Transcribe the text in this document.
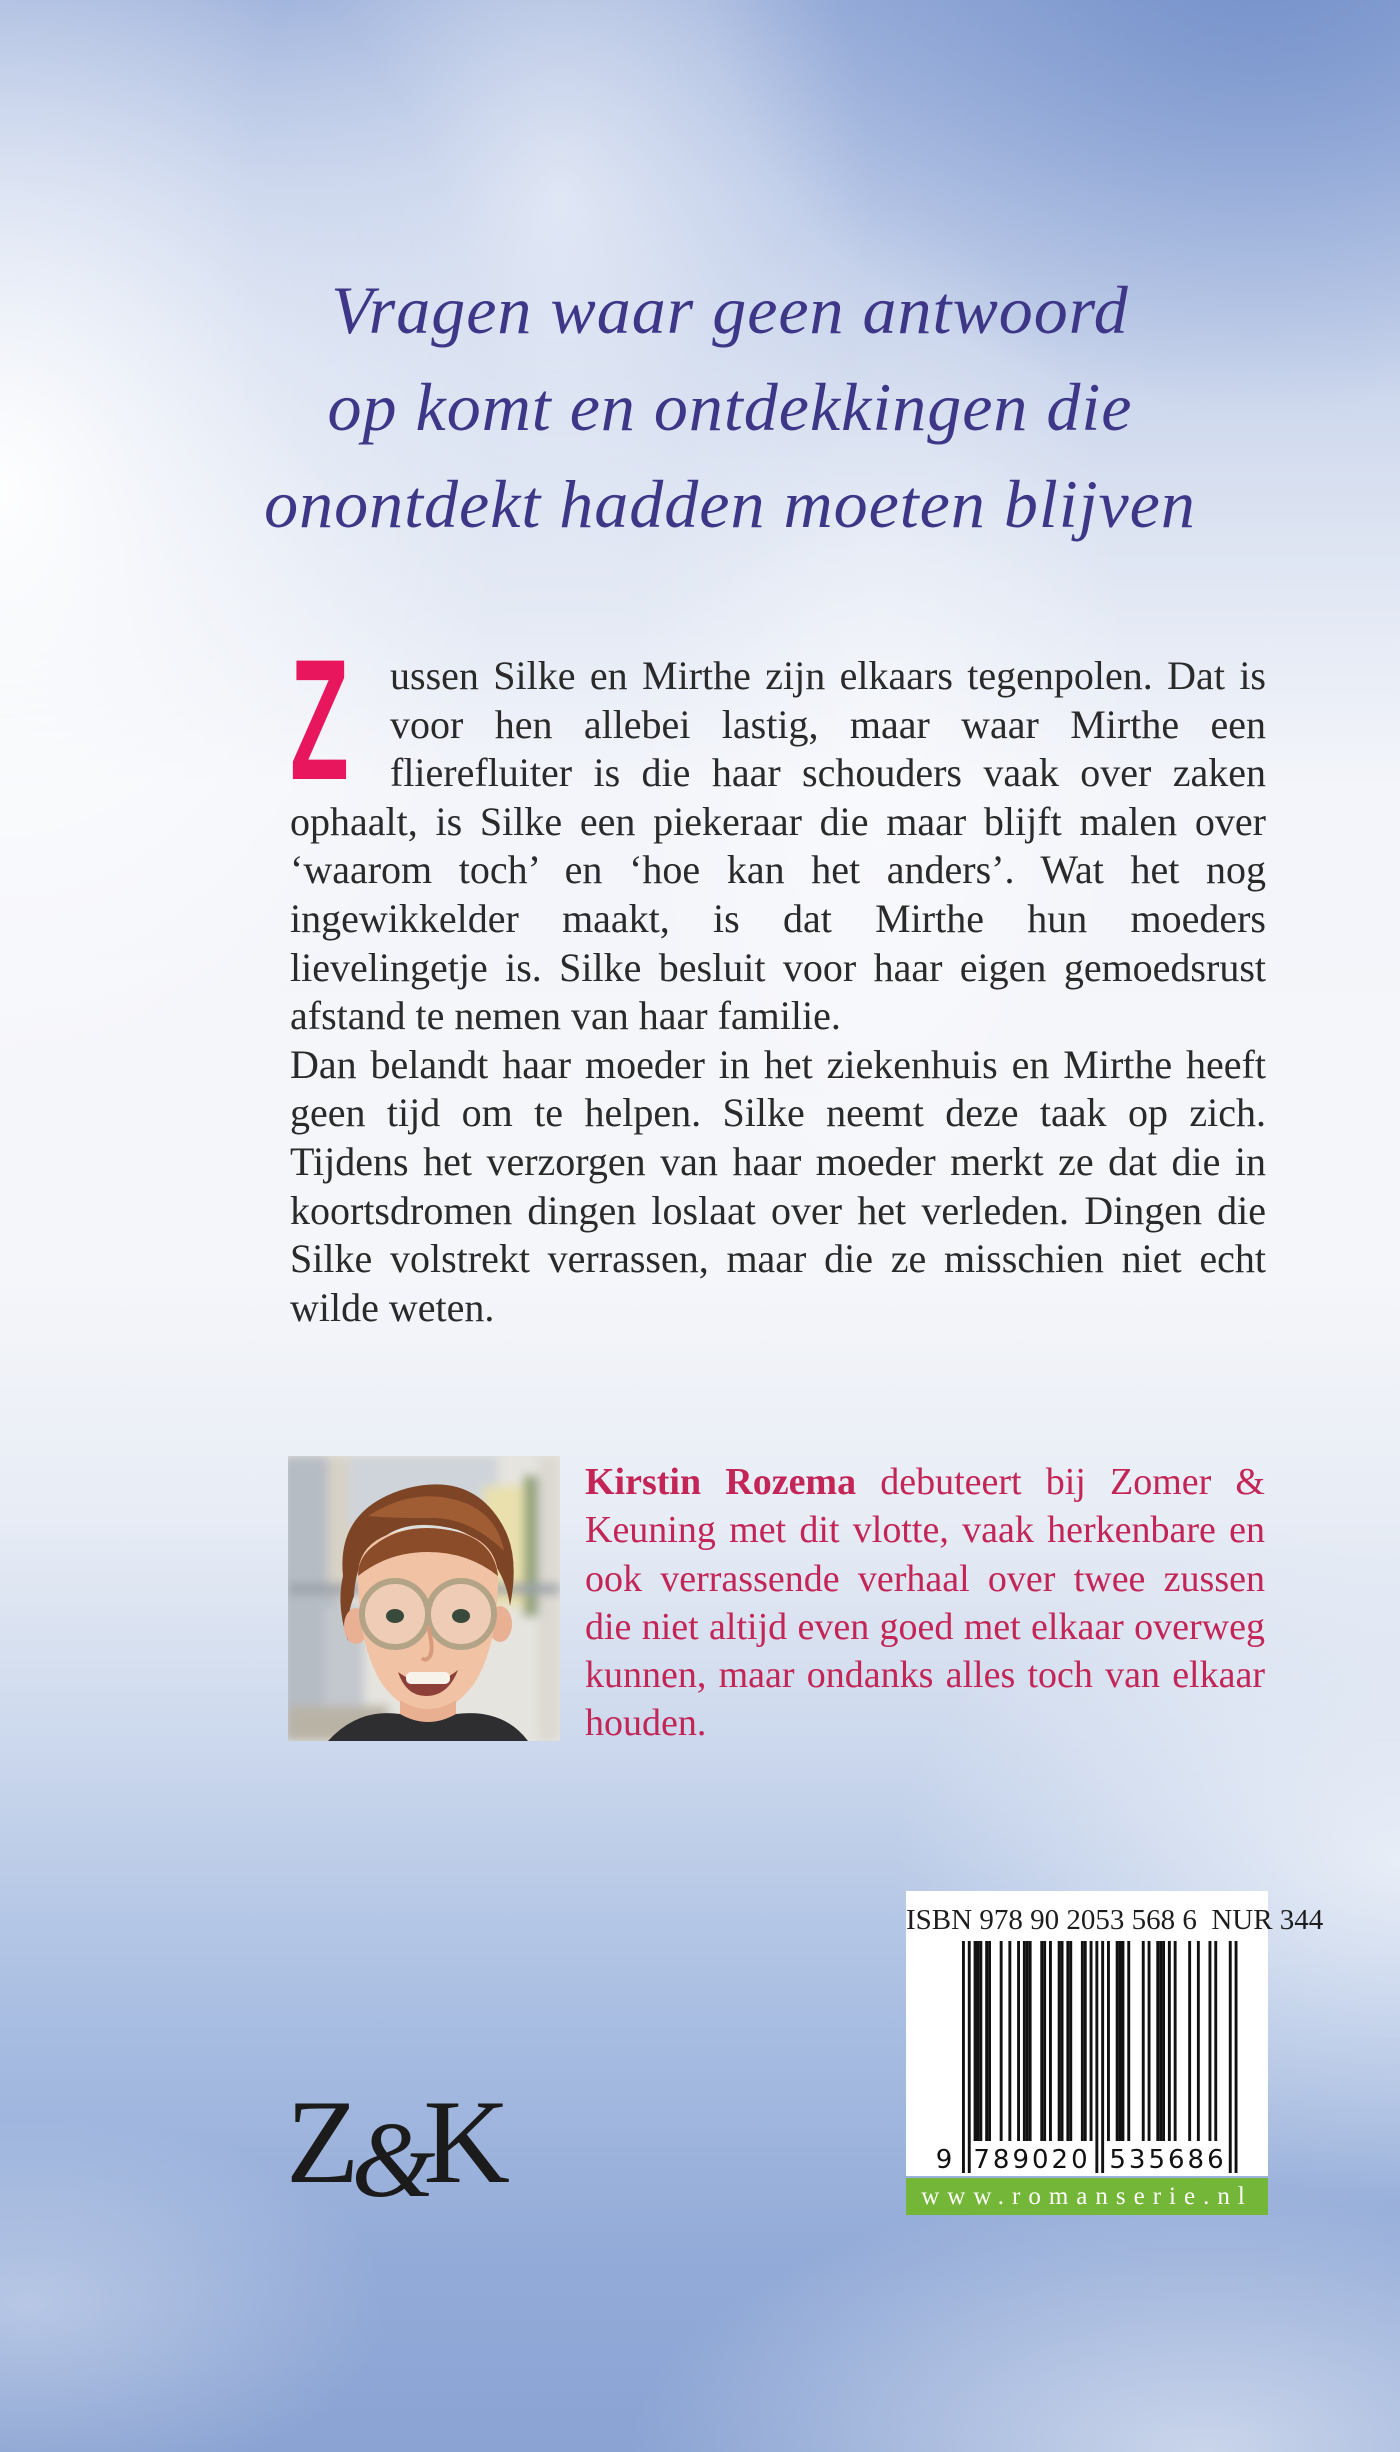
Vragen waar geen antwoord
op komt en ontdekkingen die
onontdekt hadden moeten blijven

Z ussen Silke en Mirthe zijn elkaars tegenpolen. Dat is voor hen allebei lastig, maar waar Mirthe een flierefluiter is die haar schouders vaak over zaken ophaalt, is Silke een piekeraar die maar blijft malen over ‘waarom toch’ en ‘hoe kan het anders’. Wat het nog ingewikkelder maakt, is dat Mirthe hun moeders lievelingetje is. Silke besluit voor haar eigen gemoedsrust afstand te nemen van haar familie.

Dan belandt haar moeder in het ziekenhuis en Mirthe heeft geen tijd om te helpen. Silke neemt deze taak op zich. Tijdens het verzorgen van haar moeder merkt ze dat die in koortsdromen dingen loslaat over het verleden. Dingen die Silke volstrekt verrassen, maar die ze misschien niet echt wilde weten.

Kirstin Rozema debuteert bij Zomer & Keuning met dit vlotte, vaak herkenbare en ook verrassende verhaal over twee zussen die niet altijd even goed met elkaar overweg kunnen, maar ondanks alles toch van elkaar houden.
ISBN 978 90 2053 568 6  NUR 344
9 789020 535686
www.romanserie.nl
Z&K
